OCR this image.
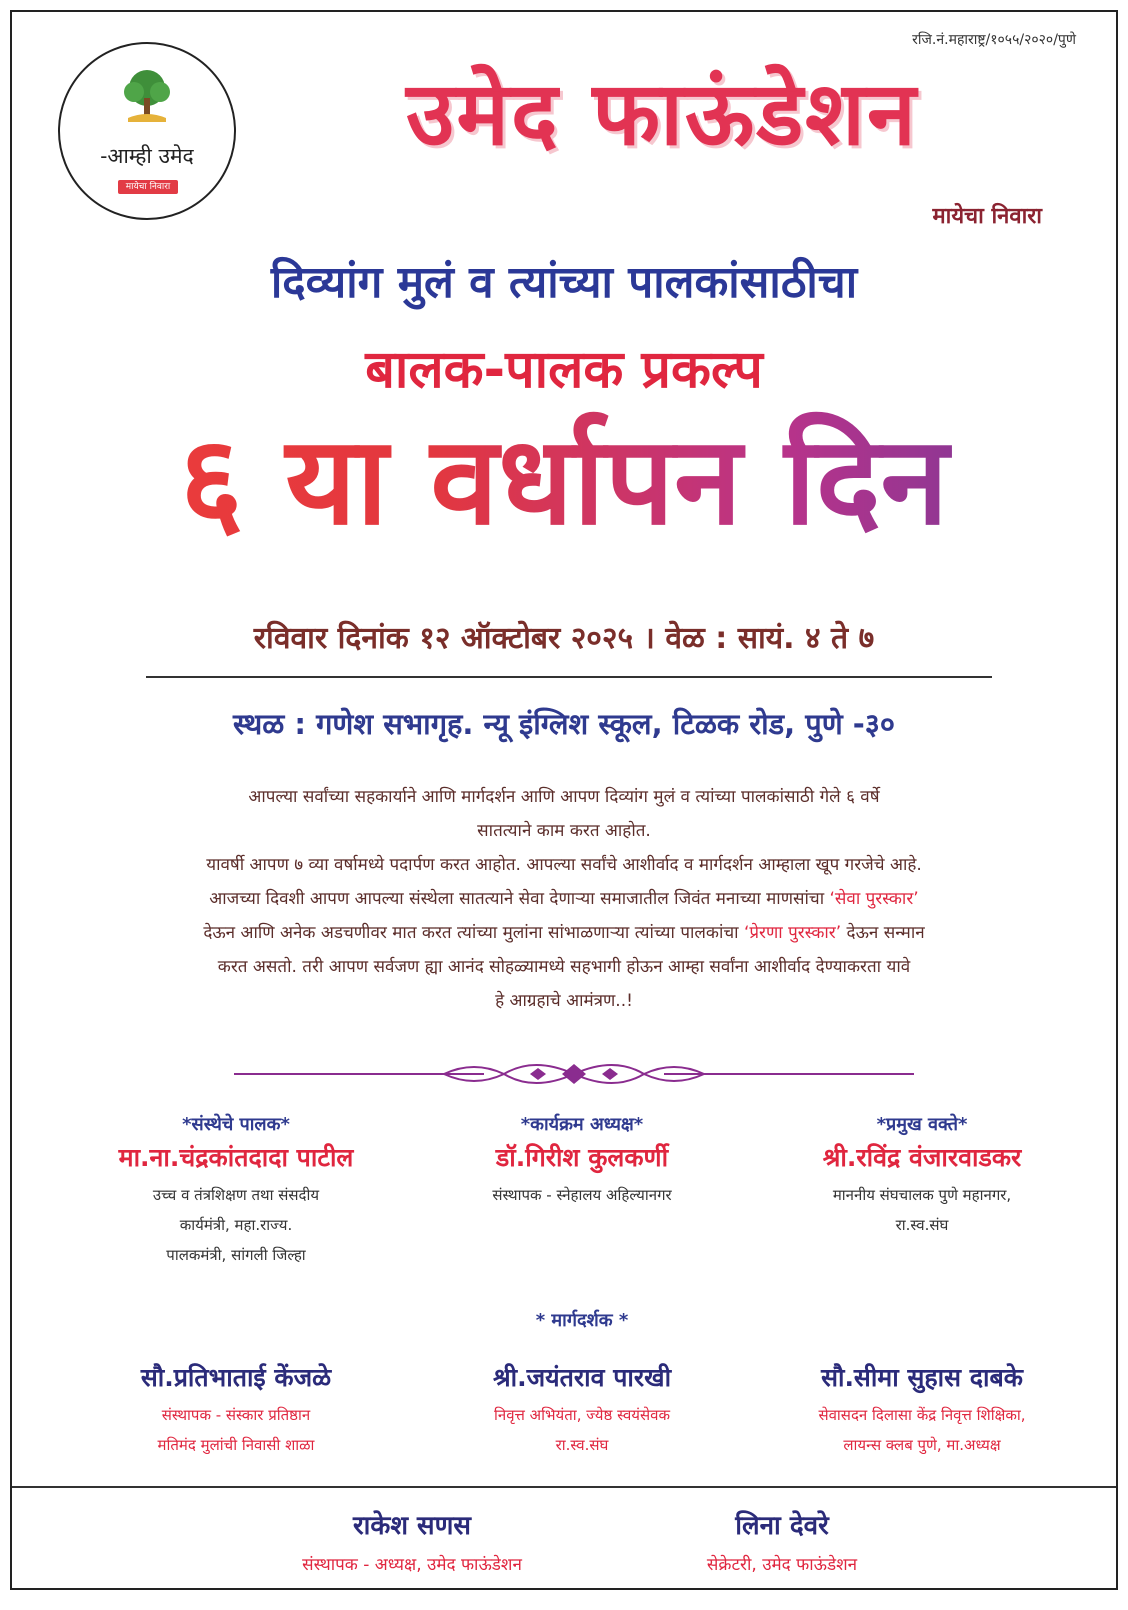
रजि.नं.महाराष्ट्र/१०५५/२०२०/पुणे
-आम्ही उमेद
मायेचा निवारा
उमेद फाऊंडेशन
मायेचा निवारा
दिव्यांग मुलं व त्यांच्या पालकांसाठीचा
बालक-पालक प्रकल्प
६ या वर्धापन दिन
रविवार दिनांक १२ ऑक्टोबर २०२५ । वेळ : सायं. ४ ते ७
स्थळ : गणेश सभागृह. न्यू इंग्लिश स्कूल, टिळक रोड, पुणे -३०

आपल्या सर्वांच्या सहकार्याने आणि मार्गदर्शन आणि आपण दिव्यांग मुलं व त्यांच्या पालकांसाठी गेले ६ वर्षे

सातत्याने काम करत आहोत.

यावर्षी आपण ७ व्या वर्षामध्ये पदार्पण करत आहोत. आपल्या सर्वांचे आशीर्वाद व मार्गदर्शन आम्हाला खूप गरजेचे आहे.

आजच्या दिवशी आपण आपल्या संस्थेला सातत्याने सेवा देणाऱ्या समाजातील जिवंत मनाच्या माणसांचा ‘सेवा पुरस्कार’

देऊन आणि अनेक अडचणीवर मात करत त्यांच्या मुलांना सांभाळणाऱ्या त्यांच्या पालकांचा ‘प्रेरणा पुरस्कार’ देऊन सन्मान

करत असतो. तरी आपण सर्वजण ह्या आनंद सोहळ्यामध्ये सहभागी होऊन आम्हा सर्वांना आशीर्वाद देण्याकरता यावे

हे आग्रहाचे आमंत्रण..!

*संस्थेचे पालक*
मा.ना.चंद्रकांतदादा पाटील
उच्च व तंत्रशिक्षण तथा संसदीय
कार्यमंत्री, महा.राज्य.
पालकमंत्री, सांगली जिल्हा
*कार्यक्रम अध्यक्ष*
डॉ.गिरीश कुलकर्णी
संस्थापक - स्नेहालय अहिल्यानगर
*प्रमुख वक्ते*
श्री.रविंद्र वंजारवाडकर
माननीय संघचालक पुणे महानगर,
रा.स्व.संघ
* मार्गदर्शक *
सौ.प्रतिभाताई केंजळे
संस्थापक - संस्कार प्रतिष्ठान
मतिमंद मुलांची निवासी शाळा
श्री.जयंतराव पारखी
निवृत्त अभियंता, ज्येष्ठ स्वयंसेवक
रा.स्व.संघ
सौ.सीमा सुहास दाबके
सेवासदन दिलासा केंद्र निवृत्त शिक्षिका,
लायन्स क्लब पुणे, मा.अध्यक्ष
राकेश सणस
संस्थापक - अध्यक्ष, उमेद फाऊंडेशन
लिना देवरे
सेक्रेटरी, उमेद फाऊंडेशन
